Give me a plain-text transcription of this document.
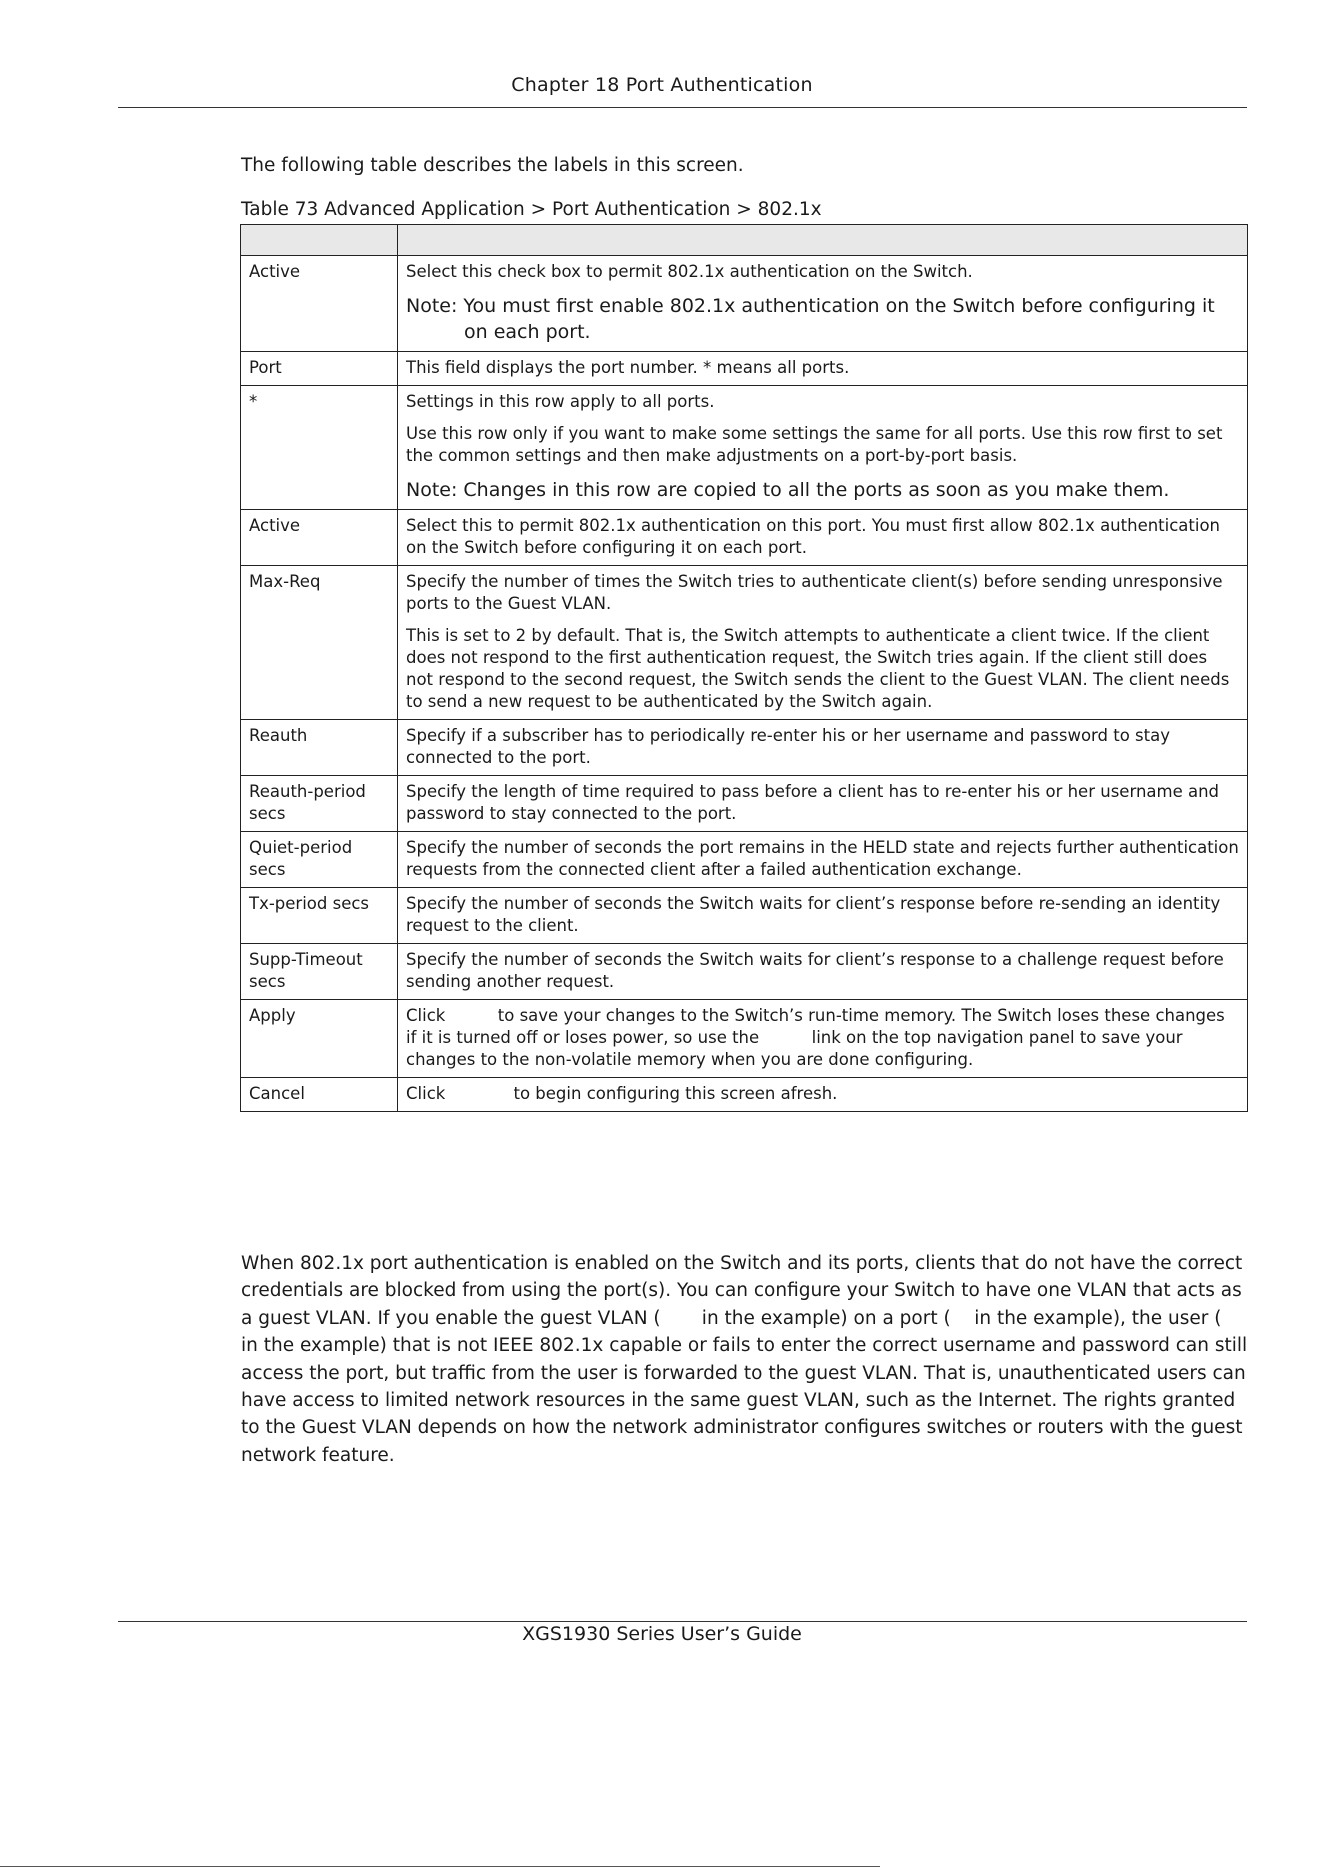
Chapter 18 Port Authentication
The following table describes the labels in this screen.
Table 73 Advanced Application > Port Authentication > 802.1x

Active	Select this check box to permit 802.1x authentication on the Switch.
Note: You must first enable 802.1x authentication on the Switch before configuring it
on each port.

Port	This field displays the port number. * means all ports.

*	Settings in this row apply to all ports.
Use this row only if you want to make some settings the same for all ports. Use this row first to set the common settings and then make adjustments on a port-by-port basis.
Note: Changes in this row are copied to all the ports as soon as you make them.

Active	Select this to permit 802.1x authentication on this port. You must first allow 802.1x authentication on the Switch before configuring it on each port.

Max-Req	Specify the number of times the Switch tries to authenticate client(s) before sending unresponsive ports to the Guest VLAN.
This is set to 2 by default. That is, the Switch attempts to authenticate a client twice. If the client does not respond to the first authentication request, the Switch tries again. If the client still does not respond to the second request, the Switch sends the client to the Guest VLAN. The client needs to send a new request to be authenticated by the Switch again.

Reauth	Specify if a subscriber has to periodically re-enter his or her username and password to stay connected to the port.

Reauth-period secs	Specify the length of time required to pass before a client has to re-enter his or her username and password to stay connected to the port.

Quiet-period secs	Specify the number of seconds the port remains in the HELD state and rejects further authentication requests from the connected client after a failed authentication exchange.

Tx-period secs	Specify the number of seconds the Switch waits for client’s response before re-sending an identity request to the client.

Supp-Timeout secs	Specify the number of seconds the Switch waits for client’s response to a challenge request before sending another request.

Apply	Click          to save your changes to the Switch’s run-time memory. The Switch loses these changes if it is turned off or loses power, so use the          link on the top navigation panel to save your changes to the non-volatile memory when you are done configuring.

Cancel	Click             to begin configuring this screen afresh.

When 802.1x port authentication is enabled on the Switch and its ports, clients that do not have the correct credentials are blocked from using the port(s). You can configure your Switch to have one VLAN that acts as a guest VLAN. If you enable the guest VLAN (       in the example) on a port (    in the example), the user (    in the example) that is not IEEE 802.1x capable or fails to enter the correct username and password can still access the port, but traffic from the user is forwarded to the guest VLAN. That is, unauthenticated users can have access to limited network resources in the same guest VLAN, such as the Internet. The rights granted to the Guest VLAN depends on how the network administrator configures switches or routers with the guest network feature.

XGS1930 Series User’s Guide
